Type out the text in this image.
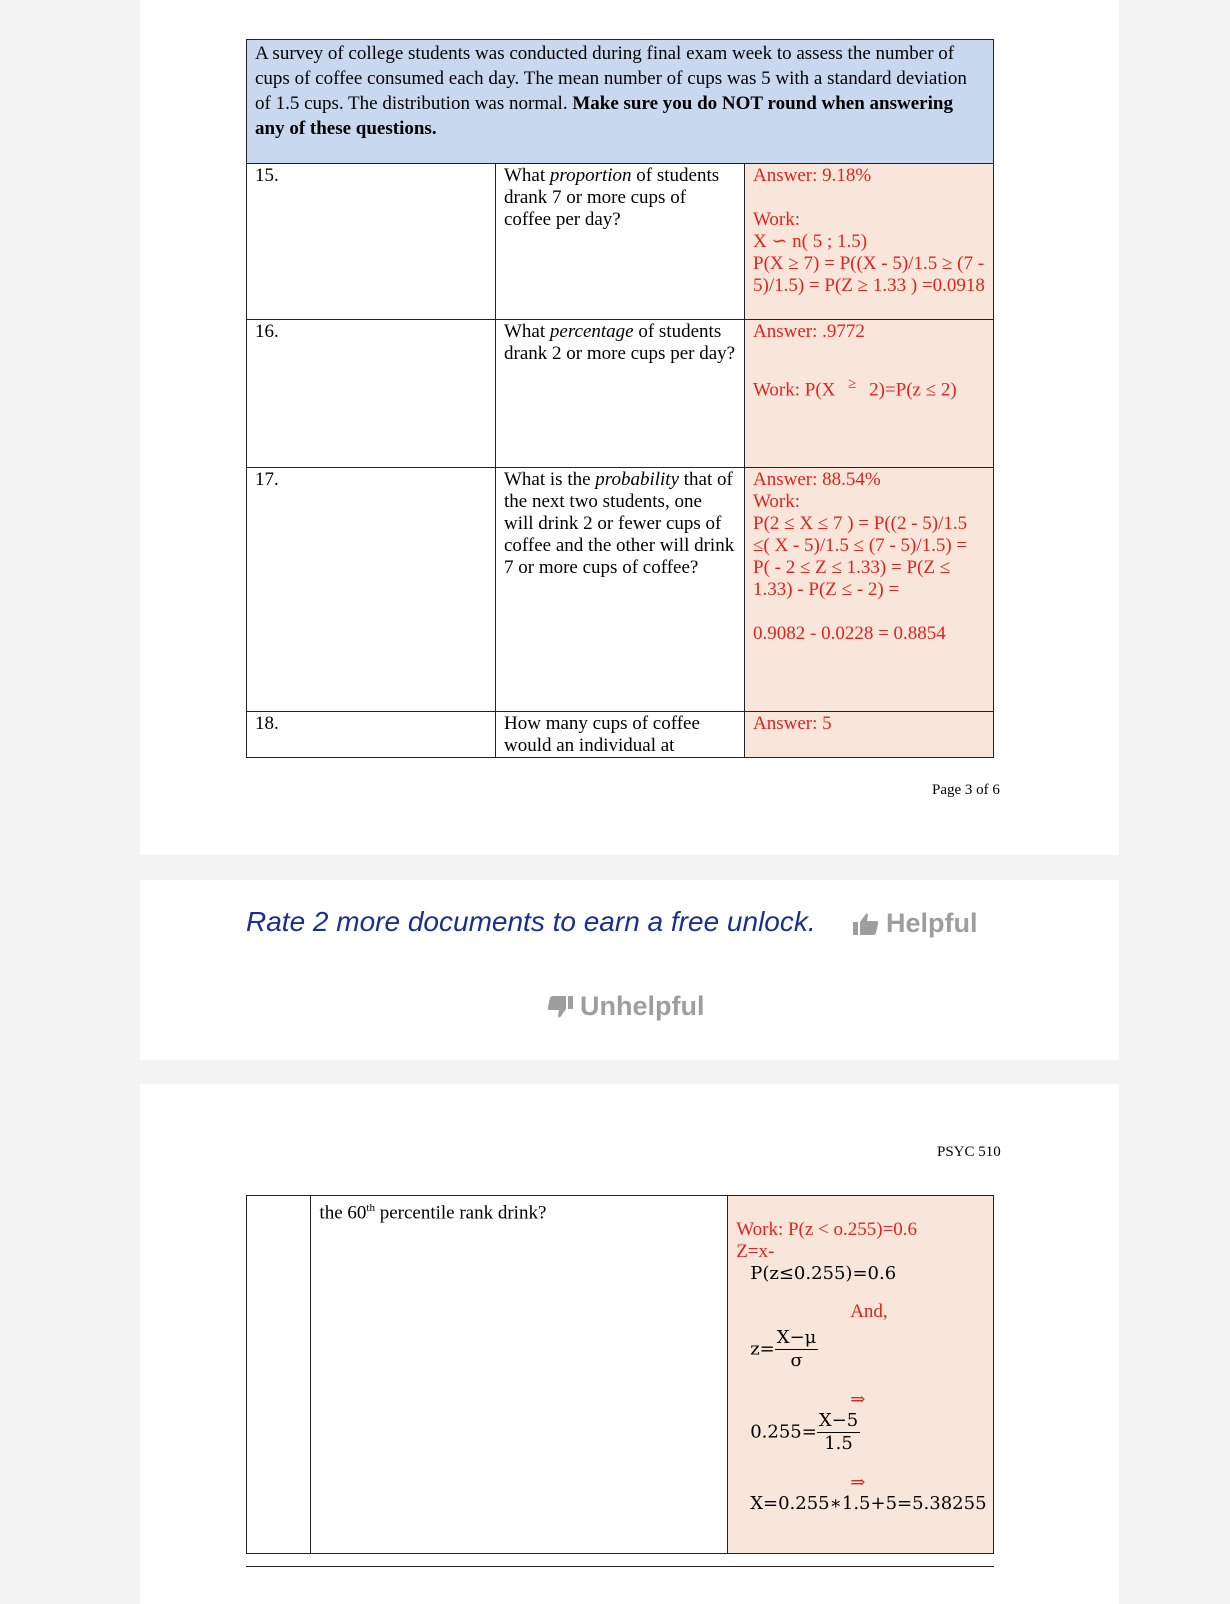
A survey of college students was conducted during final exam week to assess the number of cups of coffee consumed each day. The mean number of cups was 5 with a standard deviation of 1.5 cups. The distribution was normal. Make sure you do NOT round when answering any of these questions.		
15.	What proportion of students drank 7 or more cups of coffee per day?	Answer: 9.18%
Work:
X ∽ n( 5 ; 1.5)
P(X ≥ 7) = P((X - 5)/1.5 ≥ (7 - 5)/1.5) = P(Z ≥ 1.33 ) =0.0918

16.	What percentage of students drank 2 or more cups per day?	Answer: .9772
Work: P(X ≥ 2)=P(z ≤ 2)

17.	What is the probability that of the next two students, one will drink 2 or fewer cups of coffee and the other will drink 7 or more cups of coffee?	Answer: 88.54%
Work:
P(2 ≤ X ≤ 7 ) = P((2 - 5)/1.5 ≤( X - 5)/1.5 ≤ (7 - 5)/1.5) = P( - 2 ≤ Z ≤ 1.33) = P(Z ≤ 1.33) - P(Z ≤ - 2) =
0.9082 - 0.0228 = 0.8854

18.	How many cups of coffee would an individual at	Answer: 5
Page 3 of 6
Rate 2 more documents to earn a free unlock.	Helpful
Unhelpful
PSYC 510
	the 60th percentile rank drink?	
Work: P(z < o.255)=0.6
Z=x-
P(z≤0.255)=0.6
And,
$z= \frac{X-\mu}{\sigma}$
⇒
$0.255= \frac{X-5}{1.5}$
⇒
X=0.255∗1.5+5=5.38255
